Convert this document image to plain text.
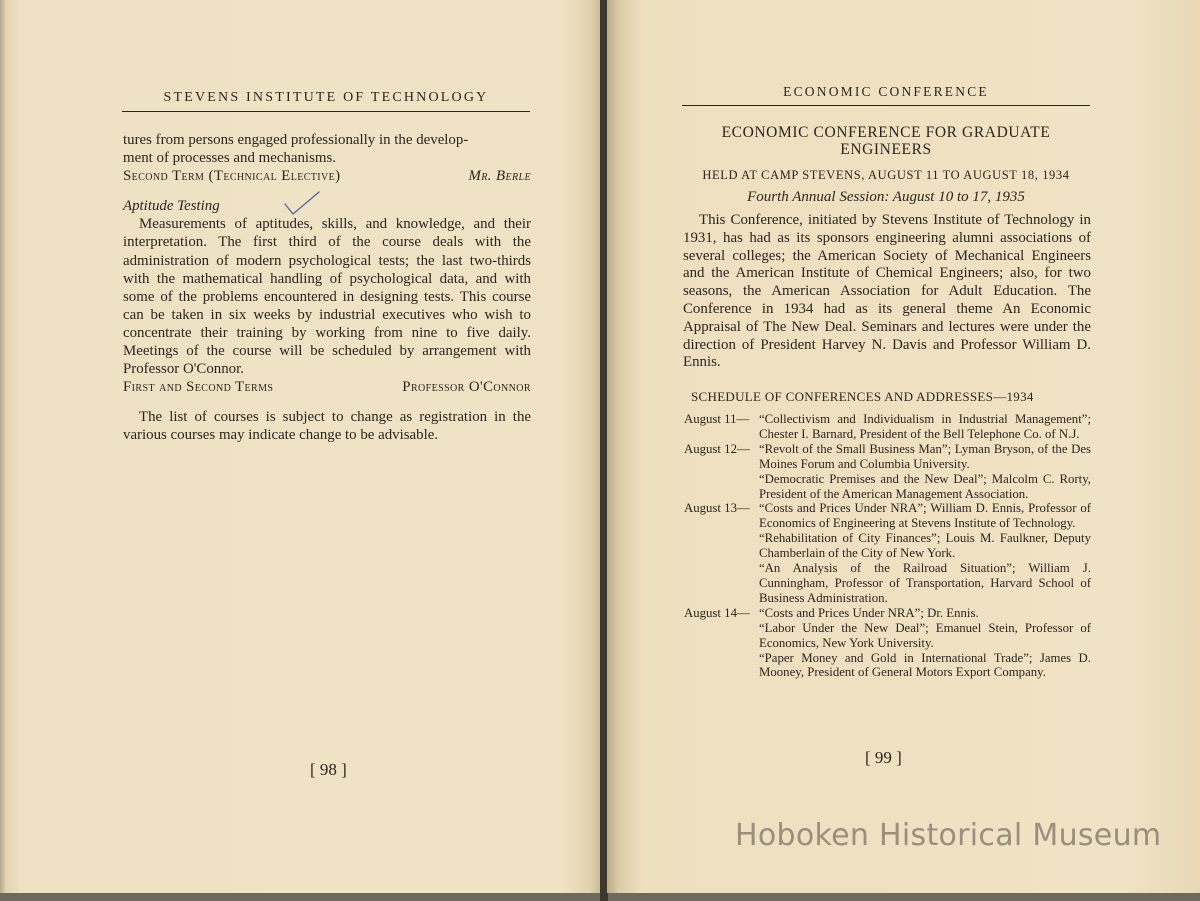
STEVENS INSTITUTE OF TECHNOLOGY

tures from persons engaged professionally in the develop-

ment of processes and mechanisms.

Second Term (Technical Elective)	Mr. Berle

Aptitude Testing

Measurements of aptitudes, skills, and knowledge, and their interpretation. The first third of the course deals with the administration of modern psychological tests; the last two-thirds with the mathematical handling of psychological data, and with some of the problems encountered in designing tests. This course can be taken in six weeks by industrial executives who wish to concentrate their training by working from nine to five daily. Meetings of the course will be scheduled by arrangement with Professor O'Connor.

First and Second Terms	Professor O'Connor

The list of courses is subject to change as registration in the various courses may indicate change to be advisable.

[ 98 ]
ECONOMIC CONFERENCE
ECONOMIC CONFERENCE FOR GRADUATE
ENGINEERS
HELD AT CAMP STEVENS, AUGUST 11 TO AUGUST 18, 1934
Fourth Annual Session: August 10 to 17, 1935

This Conference, initiated by Stevens Institute of Technology in 1931, has had as its sponsors engineering alumni associations of several colleges; the American Society of Mechanical Engineers and the American Institute of Chemical Engineers; also, for two seasons, the American Association for Adult Education. The Conference in 1934 had as its general theme An Economic Appraisal of The New Deal. Seminars and lectures were under the direction of President Harvey N. Davis and Professor William D. Ennis.

SCHEDULE OF CONFERENCES AND ADDRESSES—1934
August 11— “Collectivism and Individualism in Industrial Management”; Chester I. Barnard, President of the Bell Telephone Co. of N.J.
August 12— “Revolt of the Small Business Man”; Lyman Bryson, of the Des Moines Forum and Columbia University.
“Democratic Premises and the New Deal”; Malcolm C. Rorty, President of the American Management Association.
August 13— “Costs and Prices Under NRA”; William D. Ennis, Professor of Economics of Engineering at Stevens Institute of Technology.
“Rehabilitation of City Finances”; Louis M. Faulkner, Deputy Chamberlain of the City of New York.
“An Analysis of the Railroad Situation”; William J. Cunningham, Professor of Transportation, Harvard School of Business Administration.
August 14— “Costs and Prices Under NRA”; Dr. Ennis.
“Labor Under the New Deal”; Emanuel Stein, Professor of Economics, New York University.
“Paper Money and Gold in International Trade”; James D. Mooney, President of General Motors Export Company.
[ 99 ]
Hoboken Historical Museum
